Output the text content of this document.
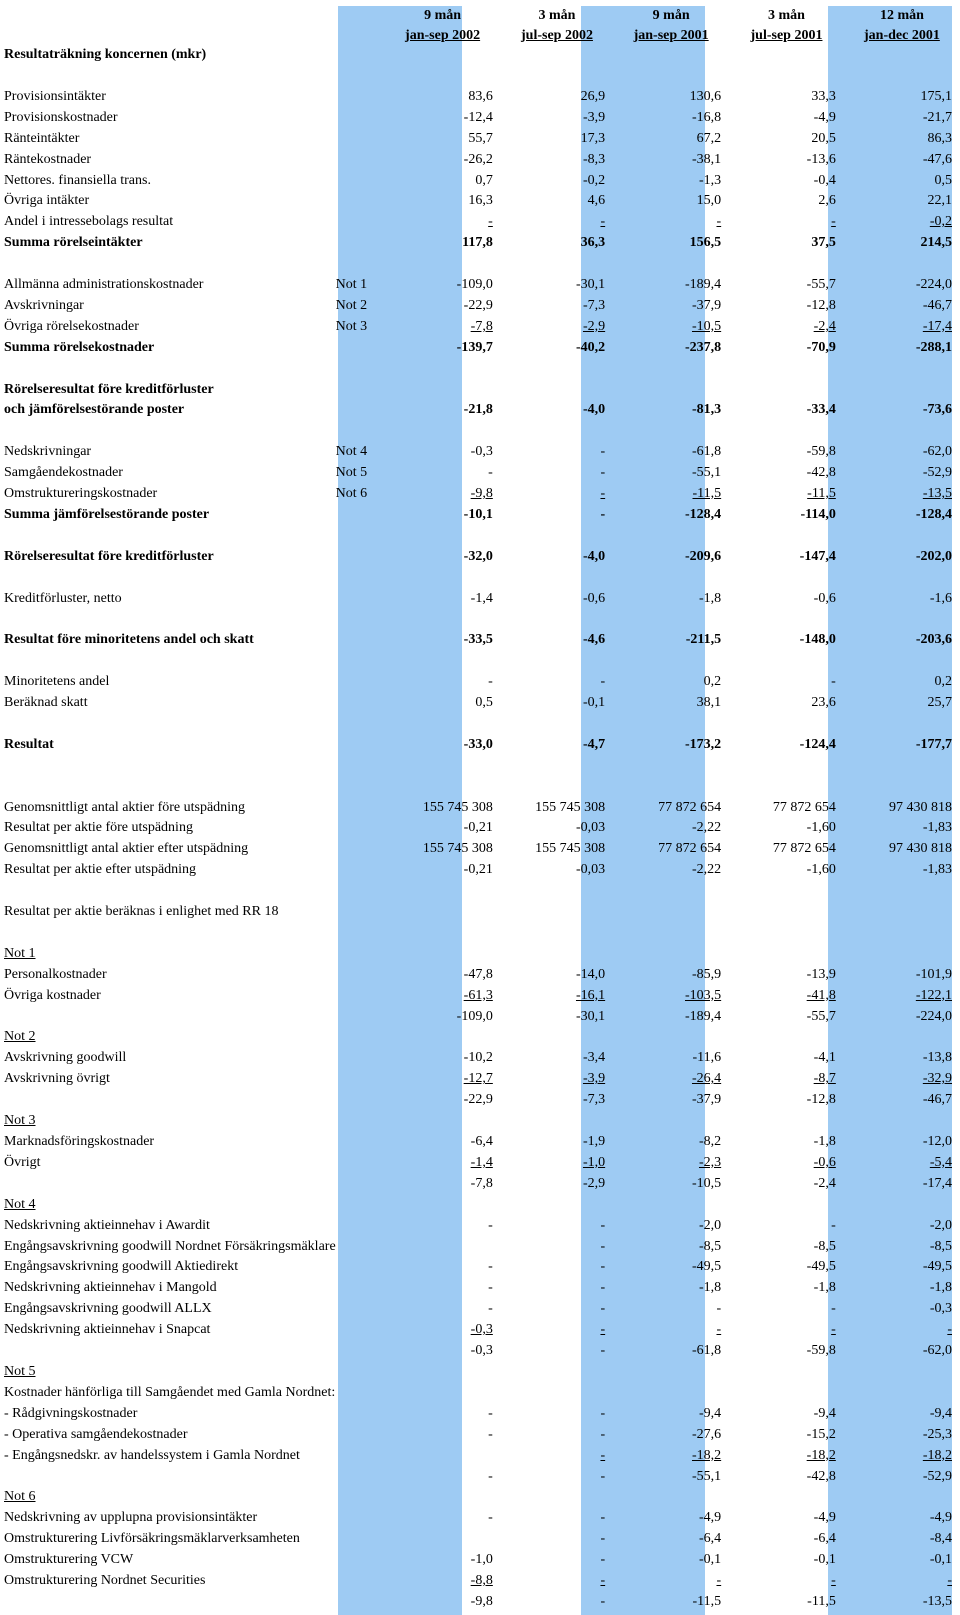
Resultaträkning koncernen (mkr)		9 mån	3 mån	9 mån	3 mån	12 mån
		jan-sep 2002	jul-sep 2002	jan-sep 2001	jul-sep 2001	jan-dec 2001

Provisionsintäkter		83,6	26,9	130,6	33,3	175,1
Provisionskostnader		-12,4	-3,9	-16,8	-4,9	-21,7
Ränteintäkter		55,7	17,3	67,2	20,5	86,3
Räntekostnader		-26,2	-8,3	-38,1	-13,6	-47,6
Nettores. finansiella trans.		0,7	-0,2	-1,3	-0,4	0,5
Övriga intäkter		16,3	4,6	15,0	2,6	22,1
Andel i intressebolags resultat		-	-	-	-	-0,2
Summa rörelseintäkter		117,8	36,3	156,5	37,5	214,5

Allmänna administrationskostnader	Not 1	-109,0	-30,1	-189,4	-55,7	-224,0
Avskrivningar	Not 2	-22,9	-7,3	-37,9	-12,8	-46,7
Övriga rörelsekostnader	Not 3	-7,8	-2,9	-10,5	-2,4	-17,4
Summa rörelsekostnader		-139,7	-40,2	-237,8	-70,9	-288,1

Rörelseresultat före kreditförluster						
och jämförelsestörande poster		-21,8	-4,0	-81,3	-33,4	-73,6

Nedskrivningar	Not 4	-0,3	-	-61,8	-59,8	-62,0
Samgåendekostnader	Not 5	-	-	-55,1	-42,8	-52,9
Omstruktureringskostnader	Not 6	-9,8	-	-11,5	-11,5	-13,5
Summa jämförelsestörande poster		-10,1	-	-128,4	-114,0	-128,4

Rörelseresultat före kreditförluster		-32,0	-4,0	-209,6	-147,4	-202,0

Kreditförluster, netto		-1,4	-0,6	-1,8	-0,6	-1,6

Resultat före minoritetens andel och skatt		-33,5	-4,6	-211,5	-148,0	-203,6

Minoritetens andel		-	-	0,2	-	0,2
Beräknad skatt		0,5	-0,1	38,1	23,6	25,7

Resultat		-33,0	-4,7	-173,2	-124,4	-177,7

Genomsnittligt antal aktier före utspädning		155 745 308	155 745 308	77 872 654	77 872 654	97 430 818
Resultat per aktie före utspädning		-0,21	-0,03	-2,22	-1,60	-1,83
Genomsnittligt antal aktier efter utspädning		155 745 308	155 745 308	77 872 654	77 872 654	97 430 818
Resultat per aktie efter utspädning		-0,21	-0,03	-2,22	-1,60	-1,83

Resultat per aktie beräknas i enlighet med RR 18						

Not 1						
Personalkostnader		-47,8	-14,0	-85,9	-13,9	-101,9
Övriga kostnader		-61,3	-16,1	-103,5	-41,8	-122,1
		-109,0	-30,1	-189,4	-55,7	-224,0
Not 2						
Avskrivning goodwill		-10,2	-3,4	-11,6	-4,1	-13,8
Avskrivning övrigt		-12,7	-3,9	-26,4	-8,7	-32,9
		-22,9	-7,3	-37,9	-12,8	-46,7
Not 3						
Marknadsföringskostnader		-6,4	-1,9	-8,2	-1,8	-12,0
Övrigt		-1,4	-1,0	-2,3	-0,6	-5,4
		-7,8	-2,9	-10,5	-2,4	-17,4
Not 4						
Nedskrivning aktieinnehav i Awardit		-	-	-2,0	-	-2,0
Engångsavskrivning goodwill Nordnet Försäkringsmäklare			-	-8,5	-8,5	-8,5
Engångsavskrivning goodwill Aktiedirekt		-	-	-49,5	-49,5	-49,5
Nedskrivning aktieinnehav i Mangold		-	-	-1,8	-1,8	-1,8
Engångsavskrivning goodwill ALLX		-	-	-	-	-0,3
Nedskrivning aktieinnehav i Snapcat		-0,3	-	-	-	-
		-0,3	-	-61,8	-59,8	-62,0
Not 5						
Kostnader hänförliga till Samgåendet med Gamla Nordnet:						
- Rådgivningskostnader		-	-	-9,4	-9,4	-9,4
- Operativa samgåendekostnader		-	-	-27,6	-15,2	-25,3
- Engångsnedskr. av handelssystem i Gamla Nordnet			-	-18,2	-18,2	-18,2
		-	-	-55,1	-42,8	-52,9
Not 6						
Nedskrivning av upplupna provisionsintäkter		-	-	-4,9	-4,9	-4,9
Omstrukturering Livförsäkringsmäklarverksamheten			-	-6,4	-6,4	-8,4
Omstrukturering VCW		-1,0	-	-0,1	-0,1	-0,1
Omstrukturering Nordnet Securities		-8,8	-	-	-	-
		-9,8	-	-11,5	-11,5	-13,5
